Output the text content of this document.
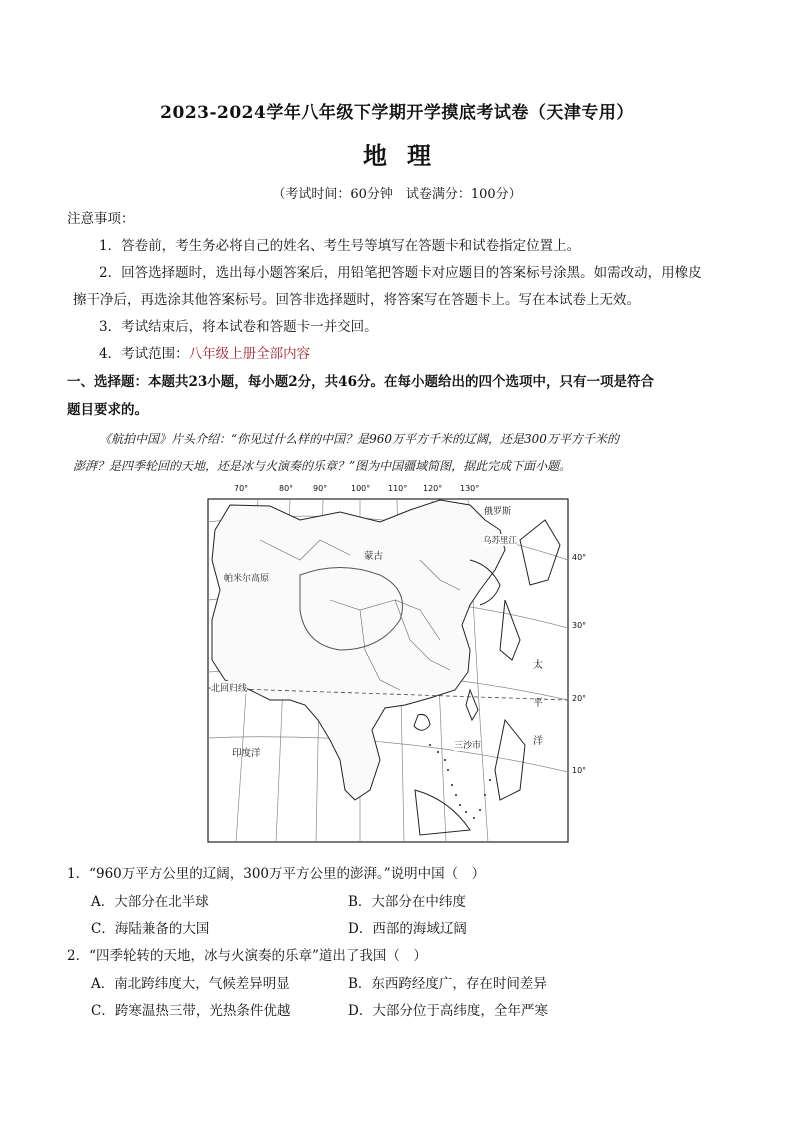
2023-2024学年八年级下学期开学摸底考试卷（天津专用）
地理
（考试时间：60分钟　试卷满分：100分）
注意事项：
1．答卷前，考生务必将自己的姓名、考生号等填写在答题卡和试卷指定位置上。
2．回答选择题时，选出每小题答案后，用铅笔把答题卡对应题目的答案标号涂黑。如需改动，用橡皮
擦干净后，再选涂其他答案标号。回答非选择题时，将答案写在答题卡上。写在本试卷上无效。
3．考试结束后，将本试卷和答题卡一并交回。
4．考试范围：八年级上册全部内容
一、选择题：本题共23小题，每小题2分，共46分。在每小题给出的四个选项中，只有一项是符合
题目要求的。
《航拍中国》片头介绍：“你见过什么样的中国？是960万平方千米的辽阔，还是300万平方千米的
澎湃？是四季轮回的天地，还是冰与火演奏的乐章？”图为中国疆域简图，据此完成下面小题。
70°	80° 90°	100° 110° 120° 130°
40°
30°
20°
10°
俄罗斯
乌苏里江
蒙古
帕米尔高原
北回归线
印度洋
三沙市
太
平
洋
1．“960万平方公里的辽阔，300万平方公里的澎湃。”说明中国（　）
A．大部分在北半球	B．大部分在中纬度
C．海陆兼备的大国	D．西部的海域辽阔
2．“四季轮转的天地，冰与火演奏的乐章”道出了我国（　）
A．南北跨纬度大，气候差异明显	B．东西跨经度广，存在时间差异
C．跨寒温热三带，光热条件优越	D．大部分位于高纬度，全年严寒
